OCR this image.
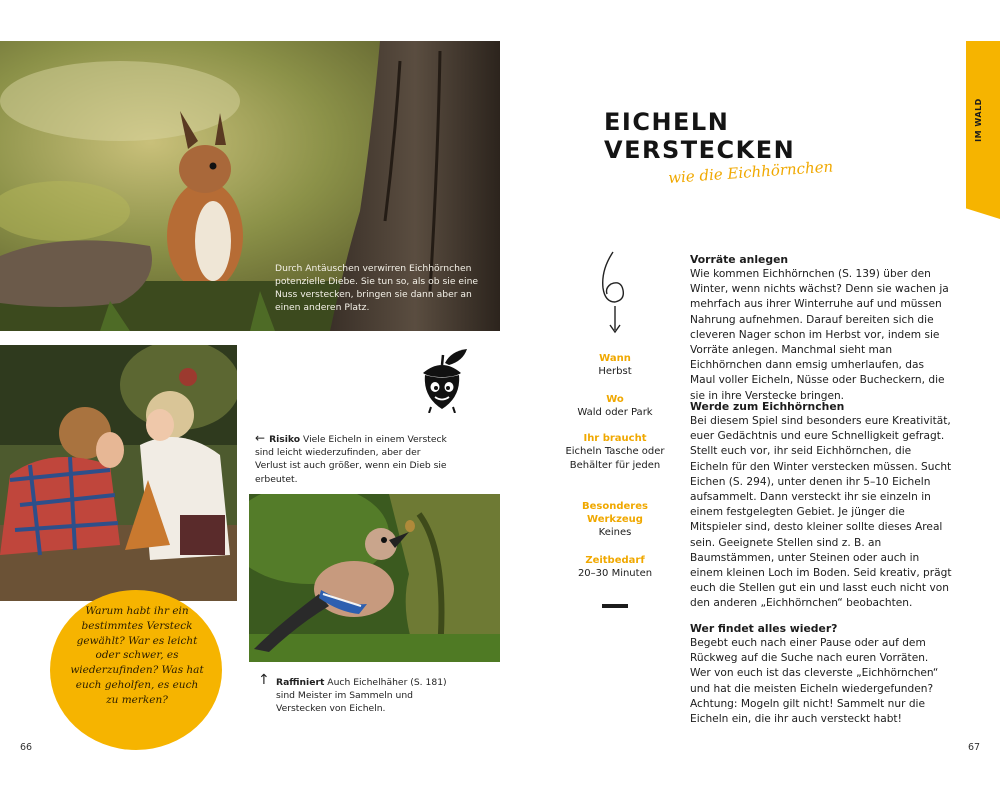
Durch Antäuschen verwirren Eichhörnchen potenzielle Diebe. Sie tun so, als ob sie eine Nuss verstecken, bringen sie dann aber an einen anderen Platz.
← Risiko Viele Eicheln in einem Versteck sind leicht wiederzufinden, aber der Verlust ist auch größer, wenn ein Dieb sie erbeutet.
↑ Raffiniert Auch Eichelhäher (S. 181) sind Meister im Sammeln und Verstecken von Eicheln.
Warum habt ihr ein bestimmtes Versteck gewählt? War es leicht oder schwer, es wiederzufinden? Was hat euch geholfen, es euch zu merken?
66
IM WALD
EICHELN VERSTECKEN
wie die Eichhörnchen
Wann
Herbst
Wo
Wald oder Park
Ihr braucht
Eicheln Tasche oder Behälter für jeden
Besonderes Werkzeug
Keines
Zeitbedarf
20–30 Minuten
Vorräte anlegen

Wie kommen Eichhörnchen (S. 139) über den Winter, wenn nichts wächst? Denn sie wachen ja mehrfach aus ihrer Winterruhe auf und müssen Nahrung aufnehmen. Darauf bereiten sich die cleveren Nager schon im Herbst vor, indem sie Vorräte anlegen. Manchmal sieht man Eichhörnchen dann emsig umherlaufen, das Maul voller Eicheln, Nüsse oder Bucheckern, die sie in ihre Verstecke bringen.

Werde zum Eichhörnchen

Bei diesem Spiel sind besonders eure Kreativität, euer Gedächtnis und eure Schnelligkeit gefragt. Stellt euch vor, ihr seid Eichhörnchen, die Eicheln für den Winter verstecken müssen. Sucht Eichen (S. 294), unter denen ihr 5–10 Eicheln aufsammelt. Dann versteckt ihr sie einzeln in einem festgelegten Gebiet. Je jünger die Mitspieler sind, desto kleiner sollte dieses Areal sein. Geeignete Stellen sind z. B. an Baumstämmen, unter Steinen oder auch in einem kleinen Loch im Boden. Seid kreativ, prägt euch die Stellen gut ein und lasst euch nicht von den anderen „Eichhörnchen“ beobachten.

Wer findet alles wieder?

Begebt euch nach einer Pause oder auf dem Rückweg auf die Suche nach euren Vorräten. Wer von euch ist das cleverste „Eichhörnchen“ und hat die meisten Eicheln wiedergefunden? Achtung: Mogeln gilt nicht! Sammelt nur die Eicheln ein, die ihr auch versteckt habt!

67
